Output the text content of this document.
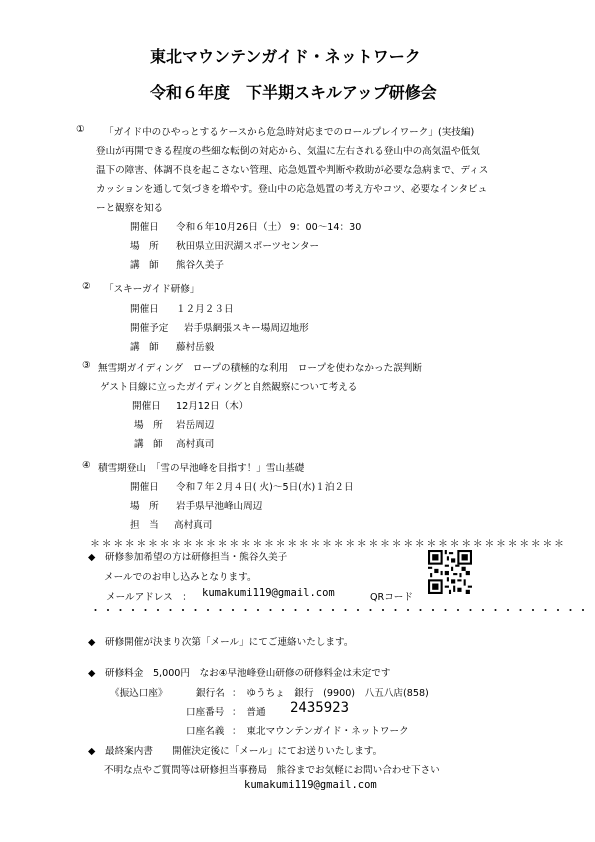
東北マウンテンガイド・ネットワーク
令和６年度　下半期スキルアップ研修会
① 「ガイド中のひやっとするケースから危急時対応までのロールプレイワーク」(実技編)
登山が再開できる程度の些細な転倒の対応から、気温に左右される登山中の高気温や低気
温下の障害、体調不良を起こさない管理、応急処置や判断や救助が必要な急病まで、ディス
カッションを通して気づきを増やす。登山中の応急処置の考え方やコツ、必要なインタビュ
ーと観察を知る
開催日 令和６年10月26日（土） 9：00～14：30
場　所 秋田県立田沢湖スポーツセンター
講　師 熊谷久美子
② 「スキーガイド研修」
開催日 １２月２３日
開催予定 岩手県網張スキー場周辺地形
講　師 藤村岳毅
③ 無雪期ガイディング　ロープの積極的な利用　ロープを使わなかった誤判断
ゲスト目線に立ったガイディングと自然観察について考える
開催日 12月12日（木）
場　所 岩岳周辺
講　師 高村真司
④ 積雪期登山　「雪の早池峰を目指す！」雪山基礎
開催日 令和７年２月４日( 火)～5日(水)１泊２日
場　所 岩手県早池峰山周辺
担　当 高村真司
＊＊＊＊＊＊＊＊＊＊＊＊＊＊＊＊＊＊＊＊＊＊＊＊＊＊＊＊＊＊＊＊＊＊＊＊＊＊＊＊＊
◆　研修参加希望の方は研修担当・熊谷久美子
メールでのお申し込みとなります。
メールアドレス　： kumakumi119@gmail.com	QRコード
・・・・・・・・・・・・・・・・・・・・・・・・・・・・・・・・・・・・・・・・
◆　研修開催が決まり次第「メール」にてご連絡いたします。
◆　研修料金　5,000円　なお④早池峰登山研修の研修料金は未定です
《振込口座》	銀行名 ：　ゆうちょ　銀行　(9900)　八五八店(858)
口座番号 ：　普通 2435923
口座名義 ：　東北マウンテンガイド・ネットワーク
◆　最終案内書　　開催決定後に「メール」にてお送りいたします。
不明な点やご質問等は研修担当事務局　熊谷までお気軽にお問い合わせ下さい
kumakumi119@gmail.com
